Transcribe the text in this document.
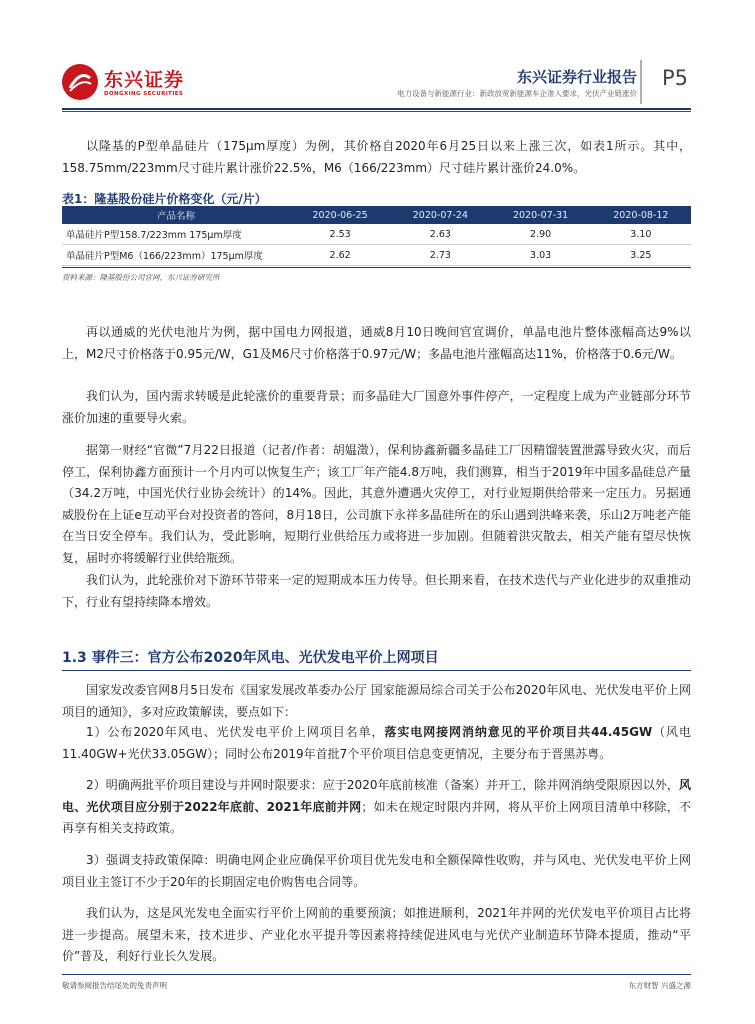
东兴证券
DONGXING SECURITIES
东兴证券行业报告
电力设备与新能源行业：新政放宽新能源车企准入要求，光伏产业链涨价
P5
以隆基的P型单晶硅片（175μm厚度）为例，其价格自2020年6月25日以来上涨三次，如表1所示。其中，158.75mm/223mm尺寸硅片累计涨价22.5%，M6（166/223mm）尺寸硅片累计涨价24.0%。
表1：隆基股份硅片价格变化（元/片）
产品名称	2020-06-25	2020-07-24	2020-07-31	2020-08-12
单晶硅片P型158.7/223mm 175μm厚度	2.53	2.63	2.90	3.10
单晶硅片P型M6（166/223mm）175μm厚度	2.62	2.73	3.03	3.25
资料来源：隆基股份公司官网，东兴证券研究所
再以通威的光伏电池片为例，据中国电力网报道，通威8月10日晚间官宣调价，单晶电池片整体涨幅高达9%以上，M2尺寸价格落于0.95元/W，G1及M6尺寸价格落于0.97元/W；多晶电池片涨幅高达11%，价格落于0.6元/W。
我们认为，国内需求转暖是此轮涨价的重要背景；而多晶硅大厂国意外事件停产，一定程度上成为产业链部分环节涨价加速的重要导火索。
据第一财经“官微”7月22日报道（记者/作者：胡媪澂），保利协鑫新疆多晶硅工厂因精馏装置泄露导致火灾，而后停工，保利协鑫方面预计一个月内可以恢复生产；该工厂年产能4.8万吨，我们测算，相当于2019年中国多晶硅总产量（34.2万吨，中国光伏行业协会统计）的14%。因此，其意外遭遇火灾停工，对行业短期供给带来一定压力。另据通威股份在上证e互动平台对投资者的答问，8月18日，公司旗下永祥多晶硅所在的乐山遇到洪峰来袭，乐山2万吨老产能在当日安全停车。我们认为，受此影响，短期行业供给压力或将进一步加剧。但随着洪灾散去，相关产能有望尽快恢复，届时亦将缓解行业供给瓶颈。
我们认为，此轮涨价对下游环节带来一定的短期成本压力传导。但长期来看，在技术迭代与产业化进步的双重推动下，行业有望持续降本增效。
1.3 事件三：官方公布2020年风电、光伏发电平价上网项目
国家发改委官网8月5日发布《国家发展改革委办公厅 国家能源局综合司关于公布2020年风电、光伏发电平价上网项目的通知》，多对应政策解读，要点如下：
1）公布2020年风电、光伏发电平价上网项目名单，落实电网接网消纳意见的平价项目共44.45GW（风电11.40GW+光伏33.05GW）；同时公布2019年首批7个平价项目信息变更情况，主要分布于晋黑苏粤。
2）明确两批平价项目建设与并网时限要求：应于2020年底前核准（备案）并开工，除并网消纳受限原因以外，风电、光伏项目应分别于2022年底前、2021年底前并网；如未在规定时限内并网，将从平价上网项目清单中移除，不再享有相关支持政策。
3）强调支持政策保障：明确电网企业应确保平价项目优先发电和全额保障性收购，并与风电、光伏发电平价上网项目业主签订不少于20年的长期固定电价购售电合同等。
我们认为，这是风光发电全面实行平价上网前的重要预演；如推进顺利，2021年并网的光伏发电平价项目占比将进一步提高。展望未来，技术进步、产业化水平提升等因素将持续促进风电与光伏产业制造环节降本提质，推动“平价”普及，利好行业长久发展。
敬请参阅报告结尾处的免责声明	东方财智 兴盛之源
